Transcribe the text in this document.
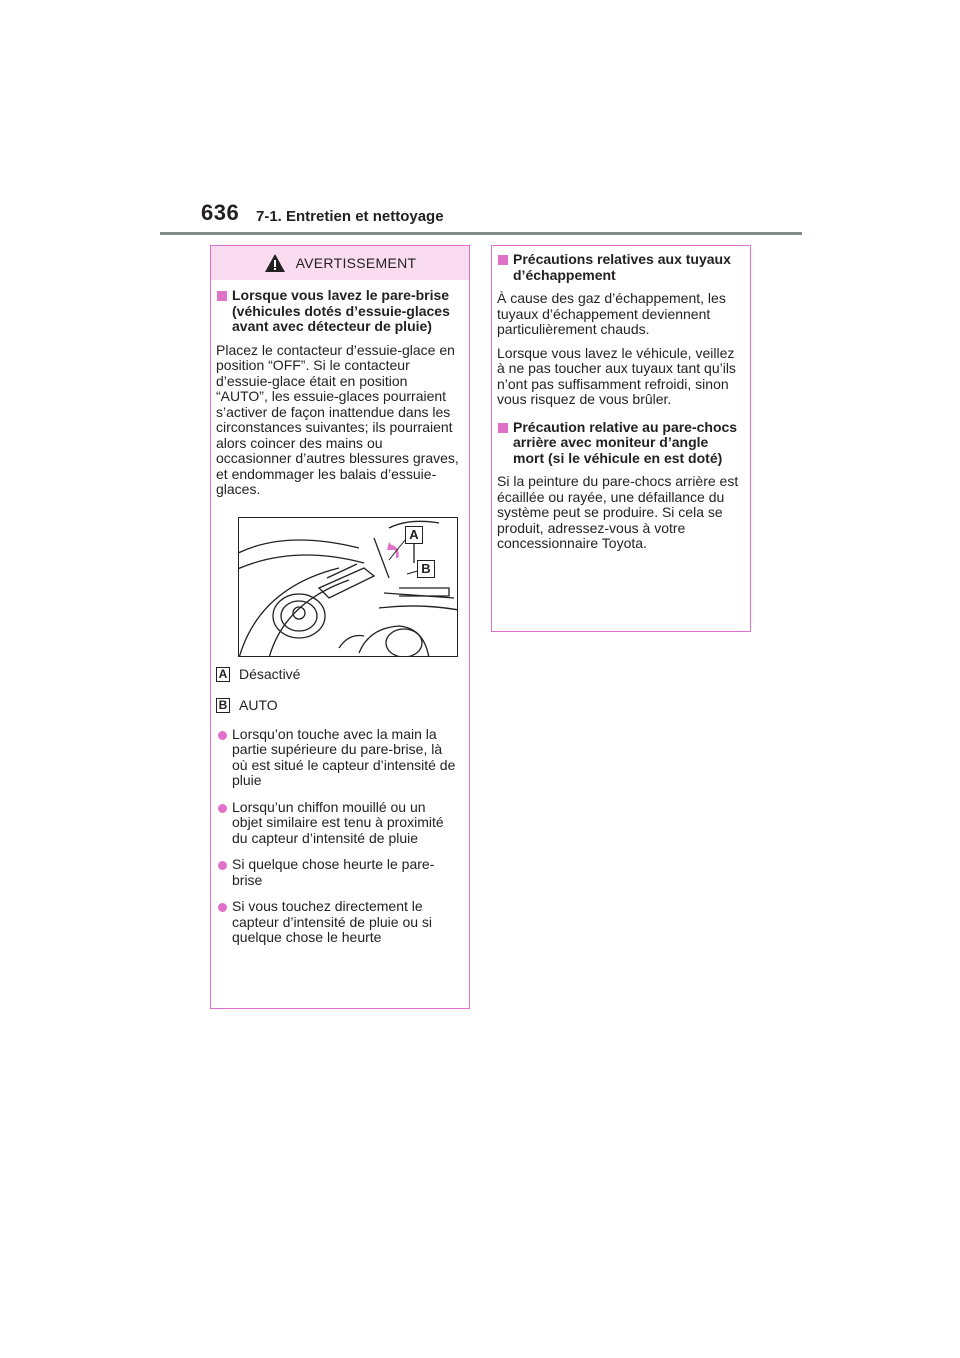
636 7-1. Entretien et nettoyage
AVERTISSEMENT
Lorsque vous lavez le pare-brise (véhicules dotés d’essuie-glaces avant avec détecteur de pluie)

Placez le contacteur d’essuie-glace en position “OFF”. Si le contacteur d’essuie-glace était en position “AUTO”, les essuie-glaces pourraient s’activer de façon inattendue dans les circonstances suivantes; ils pourraient alors coincer des mains ou occasionner d’autres blessures graves, et endommager les balais d’essuie-glaces.

A
B
A Désactivé
B AUTO
Lorsqu’on touche avec la main la partie supérieure du pare-brise, là où est situé le capteur d’intensité de pluie
Lorsqu’un chiffon mouillé ou un objet similaire est tenu à proximité du capteur d’intensité de pluie
Si quelque chose heurte le pare-brise
Si vous touchez directement le capteur d’intensité de pluie ou si quelque chose le heurte
Précautions relatives aux tuyaux d’échappement

À cause des gaz d’échappement, les tuyaux d’échappement deviennent particulièrement chauds.

Lorsque vous lavez le véhicule, veillez à ne pas toucher aux tuyaux tant qu’ils n’ont pas suffisamment refroidi, sinon vous risquez de vous brûler.

Précaution relative au pare-chocs arrière avec moniteur d’angle mort (si le véhicule en est doté)

Si la peinture du pare-chocs arrière est écaillée ou rayée, une défaillance du système peut se produire. Si cela se produit, adressez-vous à votre concessionnaire Toyota.
